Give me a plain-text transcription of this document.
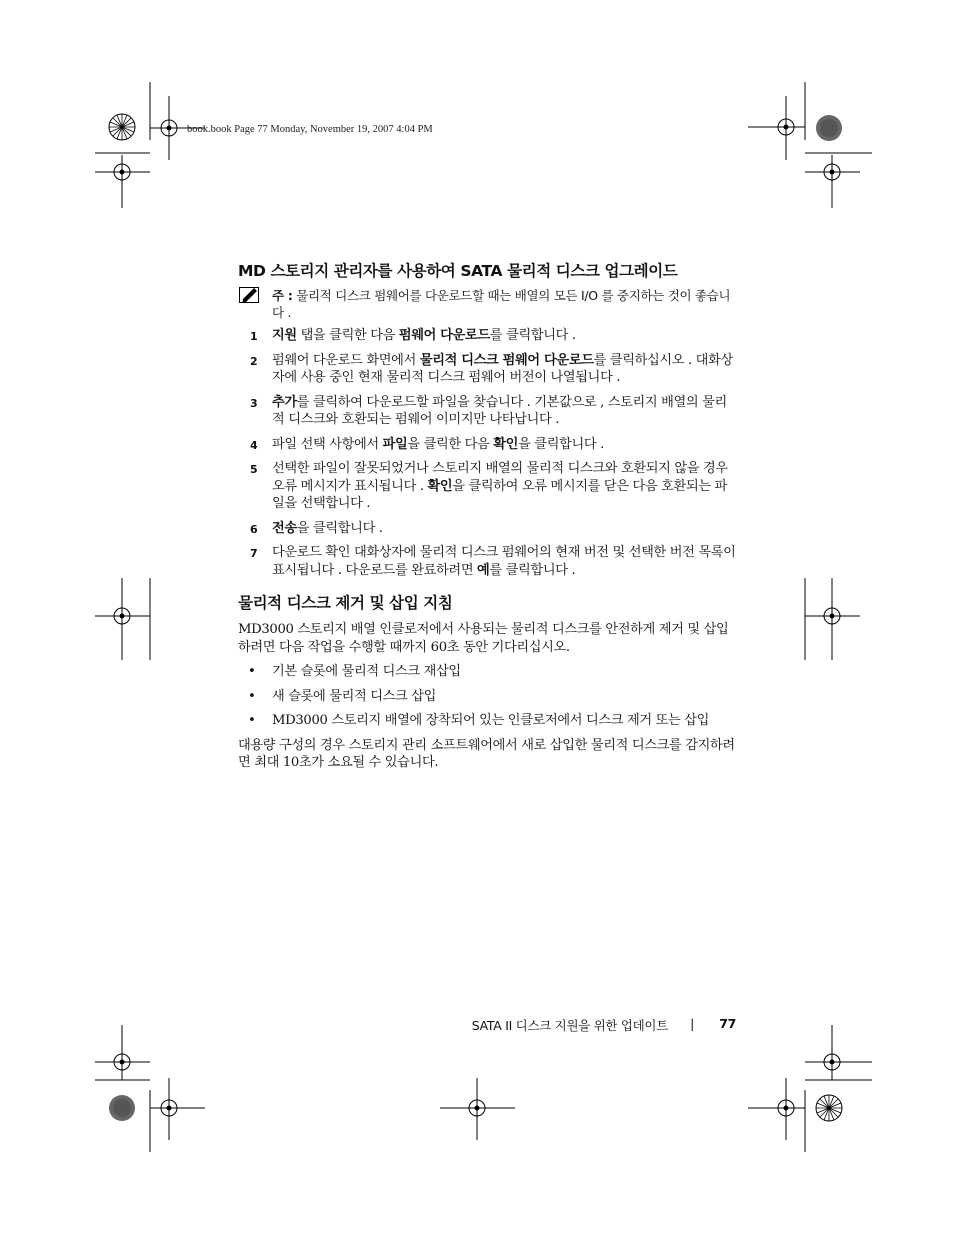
book.book Page 77 Monday, November 19, 2007 4:04 PM
MD 스토리지 관리자를 사용하여 SATA 물리적 디스크 업그레이드
주 : 물리적 디스크 펌웨어를 다운로드할 때는 배열의 모든 I/O 를 중지하는 것이 좋습니다 .
1 지원 탭을 클릭한 다음 펌웨어 다운로드를 클릭합니다 .
2 펌웨어 다운로드 화면에서 물리적 디스크 펌웨어 다운로드를 클릭하십시오 . 대화상자에 사용 중인 현재 물리적 디스크 펌웨어 버전이 나열됩니다 .
3 추가를 클릭하여 다운로드할 파일을 찾습니다 . 기본값으로 , 스토리지 배열의 물리적 디스크와 호환되는 펌웨어 이미지만 나타납니다 .
4 파일 선택 사항에서 파일을 클릭한 다음 확인을 클릭합니다 .
5 선택한 파일이 잘못되었거나 스토리지 배열의 물리적 디스크와 호환되지 않을 경우 오류 메시지가 표시됩니다 . 확인을 클릭하여 오류 메시지를 닫은 다음 호환되는 파일을 선택합니다 .
6 전송을 클릭합니다 .
7 다운로드 확인 대화상자에 물리적 디스크 펌웨어의 현재 버전 및 선택한 버전 목록이 표시됩니다 . 다운로드를 완료하려면 예를 클릭합니다 .
물리적 디스크 제거 및 삽입 지침

MD3000 스토리지 배열 인클로저에서 사용되는 물리적 디스크를 안전하게 제거 및 삽입하려면 다음 작업을 수행할 때까지 60초 동안 기다리십시오.

• 기본 슬롯에 물리적 디스크 재삽입
• 새 슬롯에 물리적 디스크 삽입
• MD3000 스토리지 배열에 장착되어 있는 인클로저에서 디스크 제거 또는 삽입

대용량 구성의 경우 스토리지 관리 소프트웨어에서 새로 삽입한 물리적 디스크를 감지하려면 최대 10초가 소요될 수 있습니다.

SATA II 디스크 지원을 위한 업데이트 | 77
